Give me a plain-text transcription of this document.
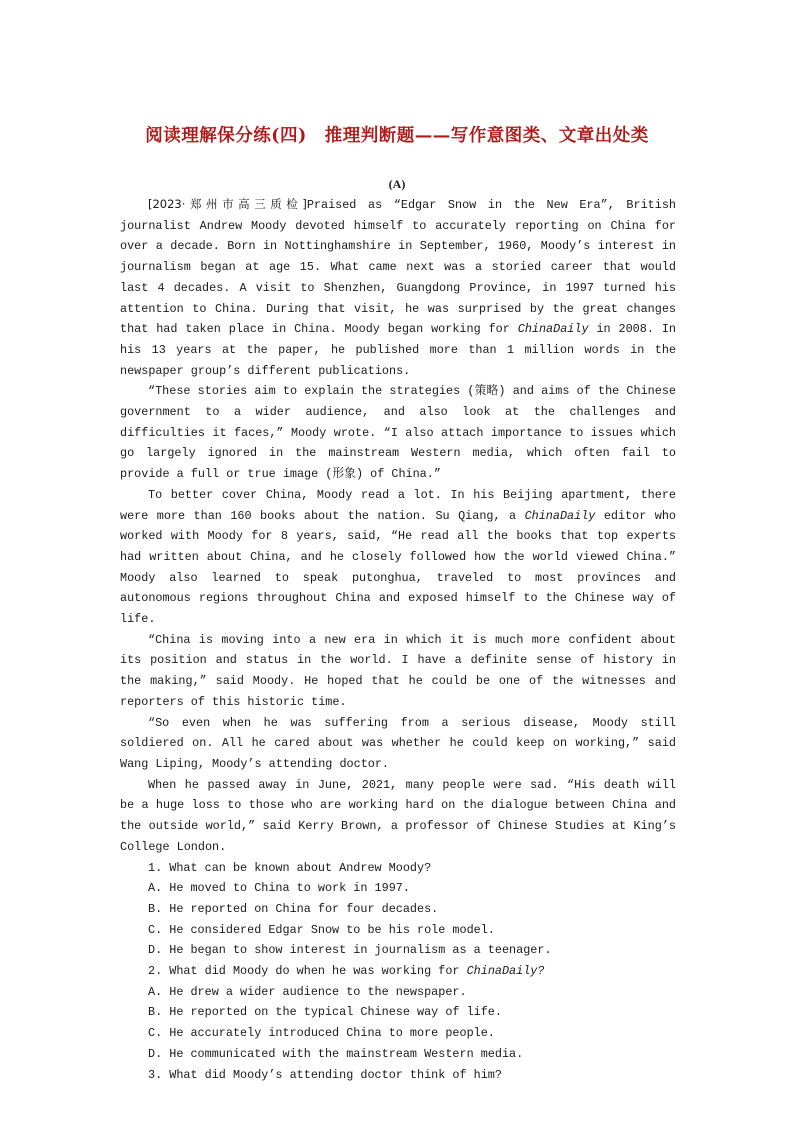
阅读理解保分练(四)　推理判断题——写作意图类、文章出处类
(A)

[2023·郑州市高三质检]Praised as “Edgar Snow in the New Era”, British journalist Andrew Moody devoted himself to accurately reporting on China for over a decade. Born in Nottinghamshire in September, 1960, Moody’s interest in journalism began at age 15. What came next was a storied career that would last 4 decades. A visit to Shenzhen, Guangdong Province, in 1997 turned his attention to China. During that visit, he was surprised by the great changes that had taken place in China. Moody began working for ChinaDaily in 2008. In his 13 years at the paper, he published more than 1 million words in the newspaper group’s different publications.

“These stories aim to explain the strategies (策略) and aims of the Chinese government to a wider audience, and also look at the challenges and difficulties it faces,” Moody wrote. “I also attach importance to issues which go largely ignored in the mainstream Western media, which often fail to provide a full or true image (形象) of China.”

To better cover China, Moody read a lot. In his Beijing apartment, there were more than 160 books about the nation. Su Qiang, a ChinaDaily editor who worked with Moody for 8 years, said, “He read all the books that top experts had written about China, and he closely followed how the world viewed China.” Moody also learned to speak putonghua, traveled to most provinces and autonomous regions throughout China and exposed himself to the Chinese way of life.

“China is moving into a new era in which it is much more confident about its position and status in the world. I have a definite sense of history in the making,” said Moody. He hoped that he could be one of the witnesses and reporters of this historic time.

“So even when he was suffering from a serious disease, Moody still soldiered on. All he cared about was whether he could keep on working,” said Wang Liping, Moody’s attending doctor.

When he passed away in June, 2021, many people were sad. “His death will be a huge loss to those who are working hard on the dialogue between China and the outside world,” said Kerry Brown, a professor of Chinese Studies at King’s College London.

1. What can be known about Andrew Moody?

A. He moved to China to work in 1997.

B. He reported on China for four decades.

C. He considered Edgar Snow to be his role model.

D. He began to show interest in journalism as a teenager.

2. What did Moody do when he was working for ChinaDaily?

A. He drew a wider audience to the newspaper.

B. He reported on the typical Chinese way of life.

C. He accurately introduced China to more people.

D. He communicated with the mainstream Western media.

3. What did Moody’s attending doctor think of him?
